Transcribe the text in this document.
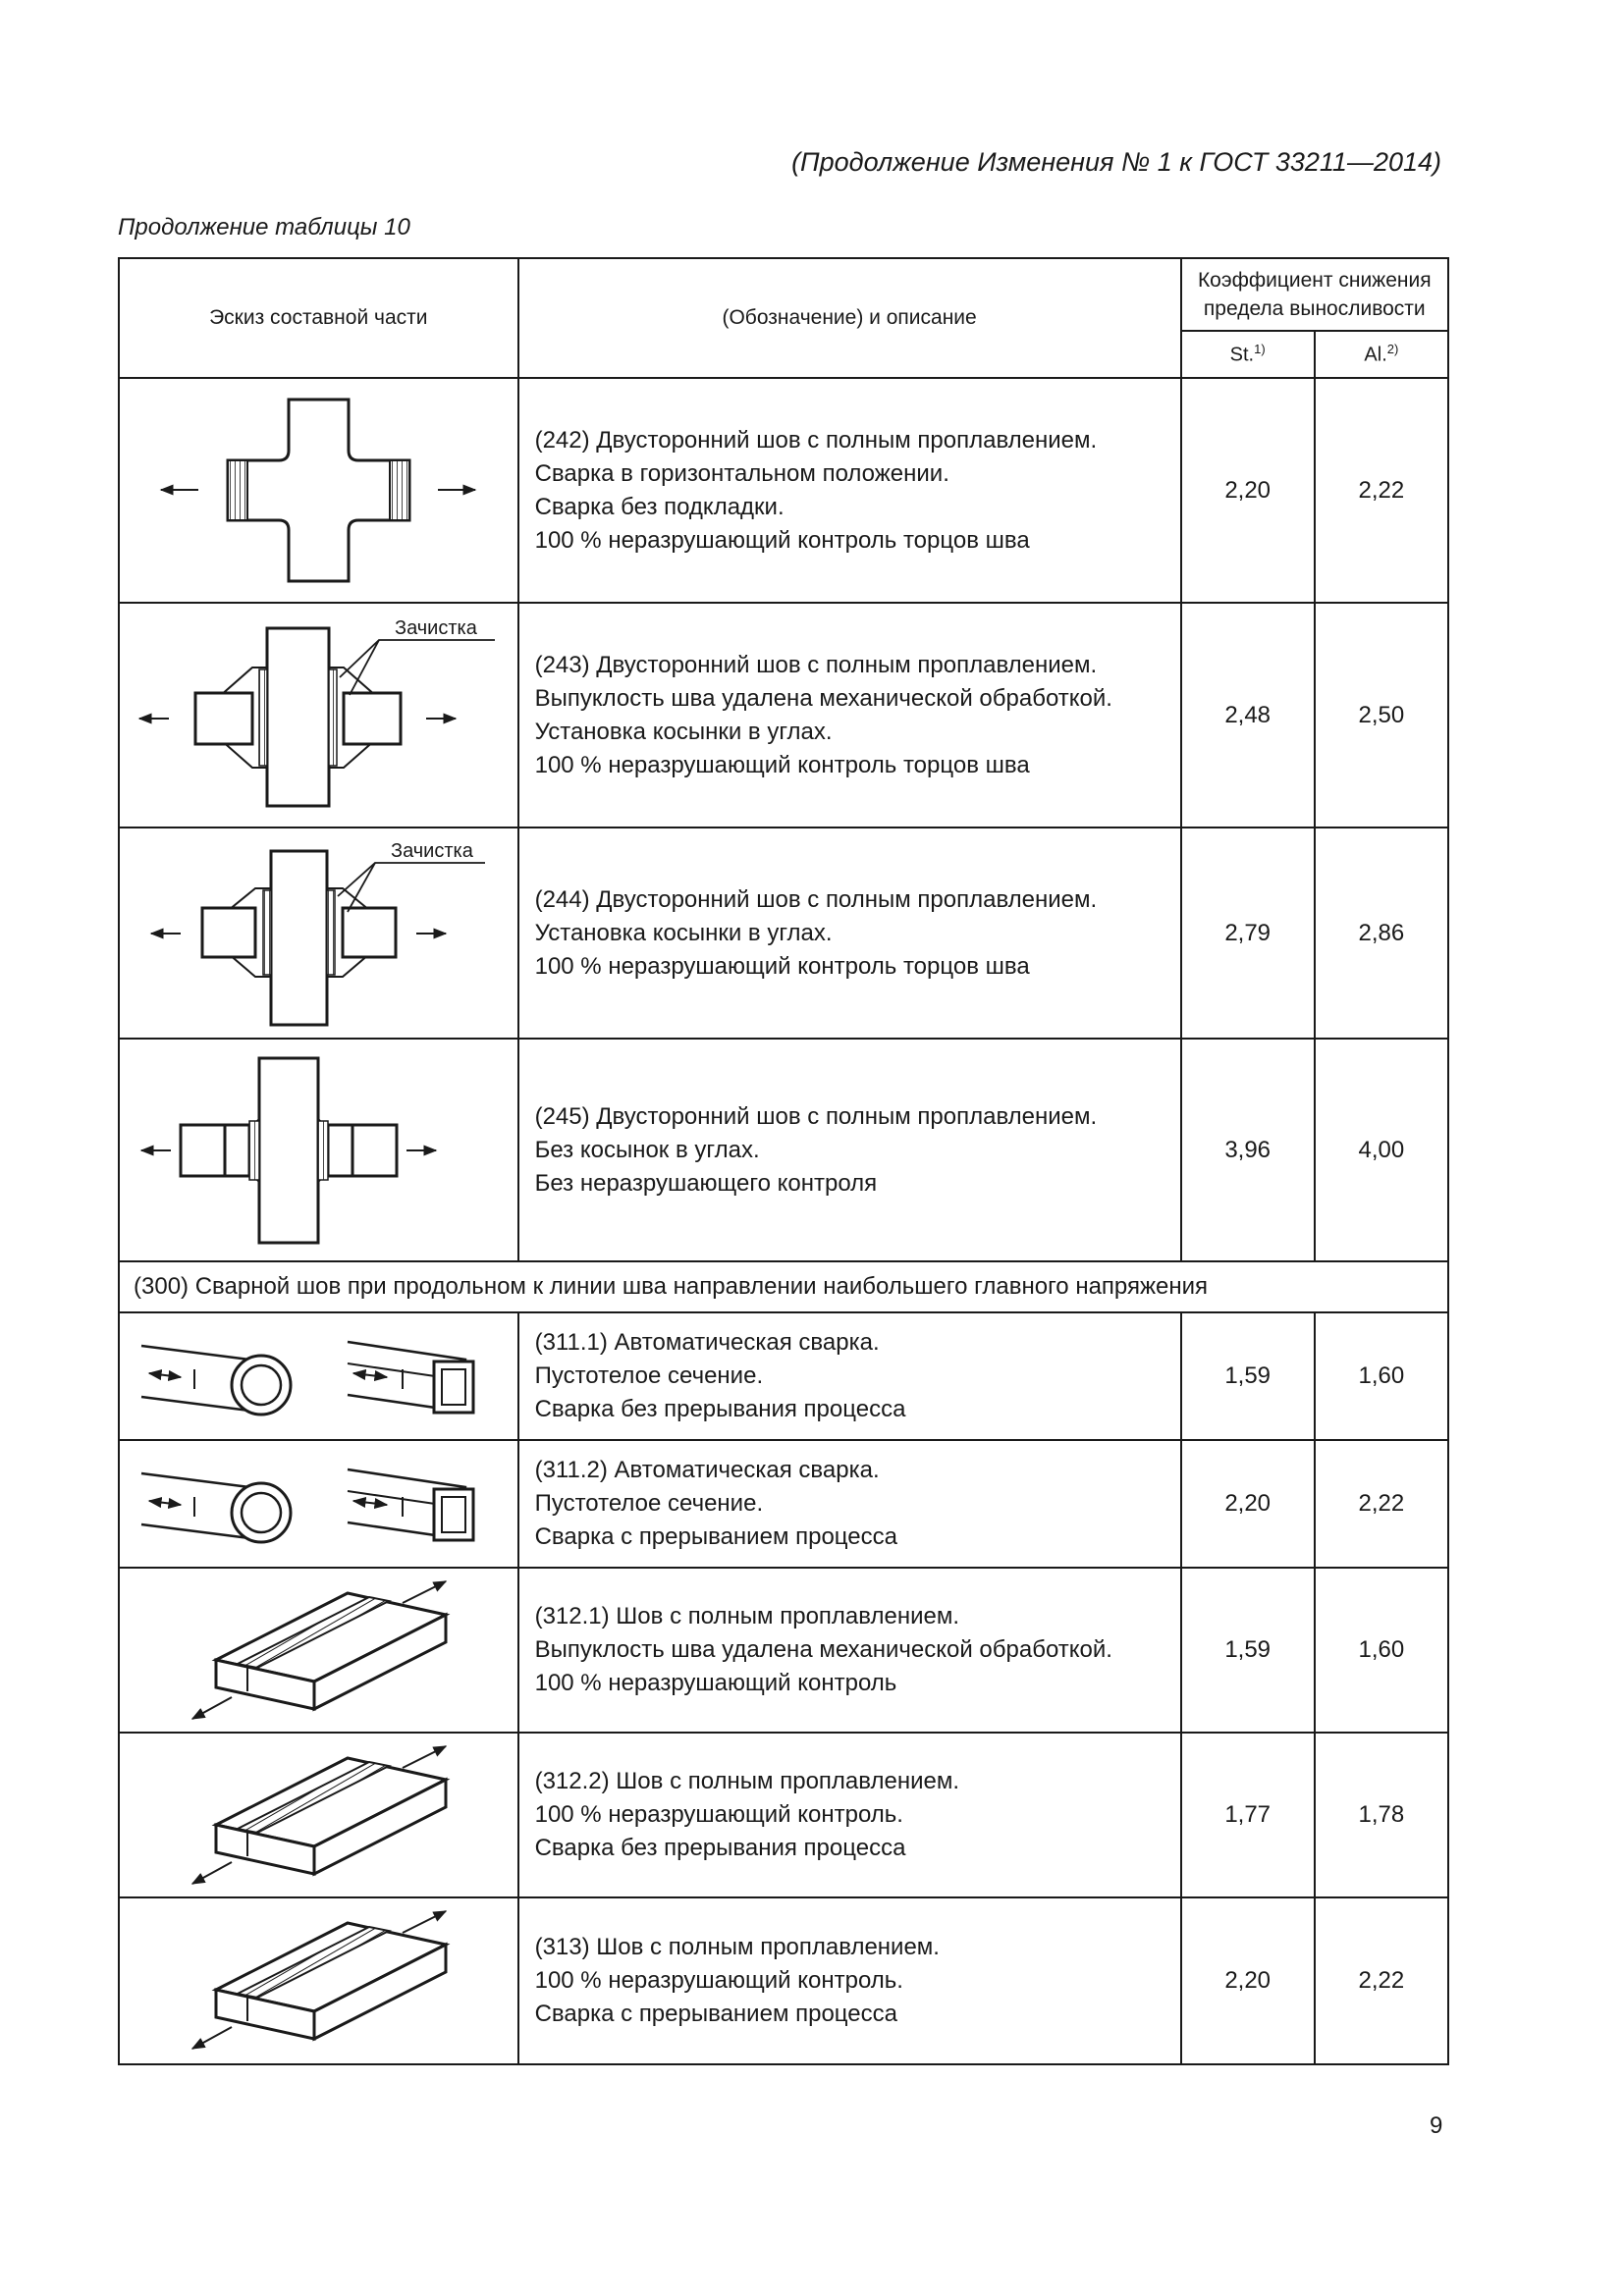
(Продолжение Изменения № 1 к ГОСТ 33211—2014)
Продолжение таблицы 10
Эскиз составной части	(Обозначение) и описание	Коэффициент снижения предела выносливости	
		St.$^{1)}$	Al.$^{2)}$

(242) Двусторонний шов с полным проплавлением.
Сварка в горизонтальном положении.
Сварка без подкладки.
100 % неразрушающий контроль торцов шва	2,20	2,22

Зачистка	(243) Двусторонний шов с полным проплавлением.
Выпуклость шва удалена механической обработкой.
Установка косынки в углах.
100 % неразрушающий контроль торцов шва	2,48	2,50

Зачистка	(244) Двусторонний шов с полным проплавлением.
Установка косынки в углах.
100 % неразрушающий контроль торцов шва	2,79	2,86

(245) Двусторонний шов с полным проплавлением.
Без косынок в углах.
Без неразрушающего контроля	3,96	4,00
(300) Сварной шов при продольном к линии шва направлении наибольшего главного напряжения			

(311.1) Автоматическая сварка.
Пустотелое сечение.
Сварка без прерывания процесса	1,59	1,60

(311.2) Автоматическая сварка.
Пустотелое сечение.
Сварка с прерыванием процесса	2,20	2,22

(312.1) Шов с полным проплавлением.
Выпуклость шва удалена механической обработкой.
100 % неразрушающий контроль	1,59	1,60

(312.2) Шов с полным проплавлением.
100 % неразрушающий контроль.
Сварка без прерывания процесса	1,77	1,78

(313) Шов с полным проплавлением.
100 % неразрушающий контроль.
Сварка с прерыванием процесса	2,20	2,22
9
